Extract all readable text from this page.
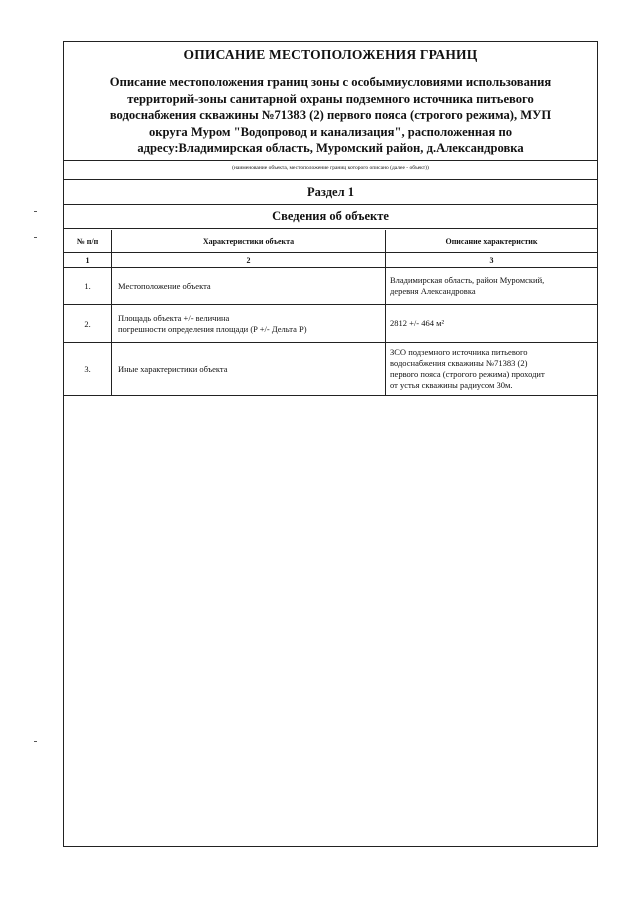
ОПИСАНИЕ МЕСТОПОЛОЖЕНИЯ ГРАНИЦ
Описание местоположения границ зоны с особымиусловиями использования
территорий-зоны санитарной охраны подземного источника питьевого
водоснабжения скважины №71383 (2) первого пояса (строгого режима), МУП
округа Муром "Водопровод и канализация", расположенная по
адресу:Владимирская область, Муромский район, д.Александровка
(наименование объекта, местоположение границ которого описано (далее - объект))
Раздел 1
Сведения об объекте
№ п/п	Характеристики объекта	Описание характеристик
1	2	3
1.	Местоположение объекта	Владимирская область, район Муромский,
деревня Александровка

2.	Площадь объекта +/- величина
погрешности определения площади (P +/- Дельта P)	2812 +/- 464 м²

3.	Иные характеристики объекта	ЗСО подземного источника питьевого
водоснабжения скважины №71383 (2)
первого пояса (строгого режима) проходит
от устья скважины радиусом 30м.
